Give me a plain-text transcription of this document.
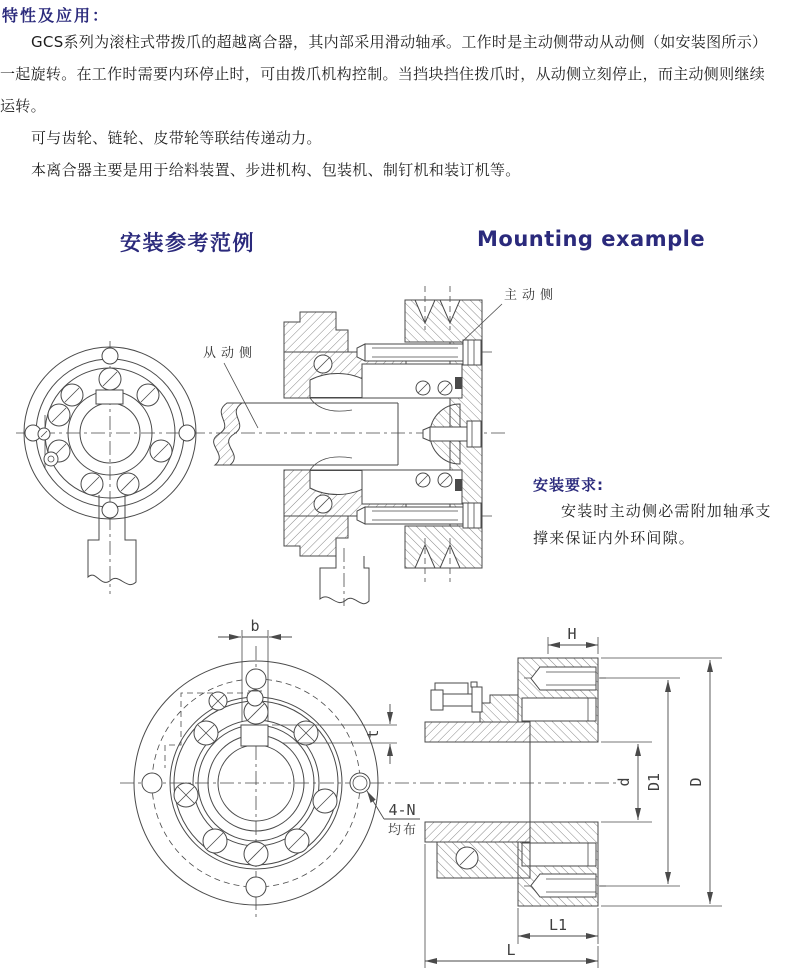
特性及应用：
GCS系列为滚柱式带拨爪的超越离合器，其内部采用滑动轴承。工作时是主动侧带动从动侧（如安装图所示）
一起旋转。在工作时需要内环停止时，可由拨爪机构控制。当挡块挡住拨爪时，从动侧立刻停止，而主动侧则继续
运转。
可与齿轮、链轮、皮带轮等联结传递动力。
本离合器主要是用于给料装置、步进机构、包装机、制钉机和装订机等。
安装参考范例	Mounting example
安装要求:
安装时主动侧必需附加轴承支
撑来保证内外环间隙。
从动侧
主动侧
b
t
H
d D1 D
L1
L
4-N
均布
